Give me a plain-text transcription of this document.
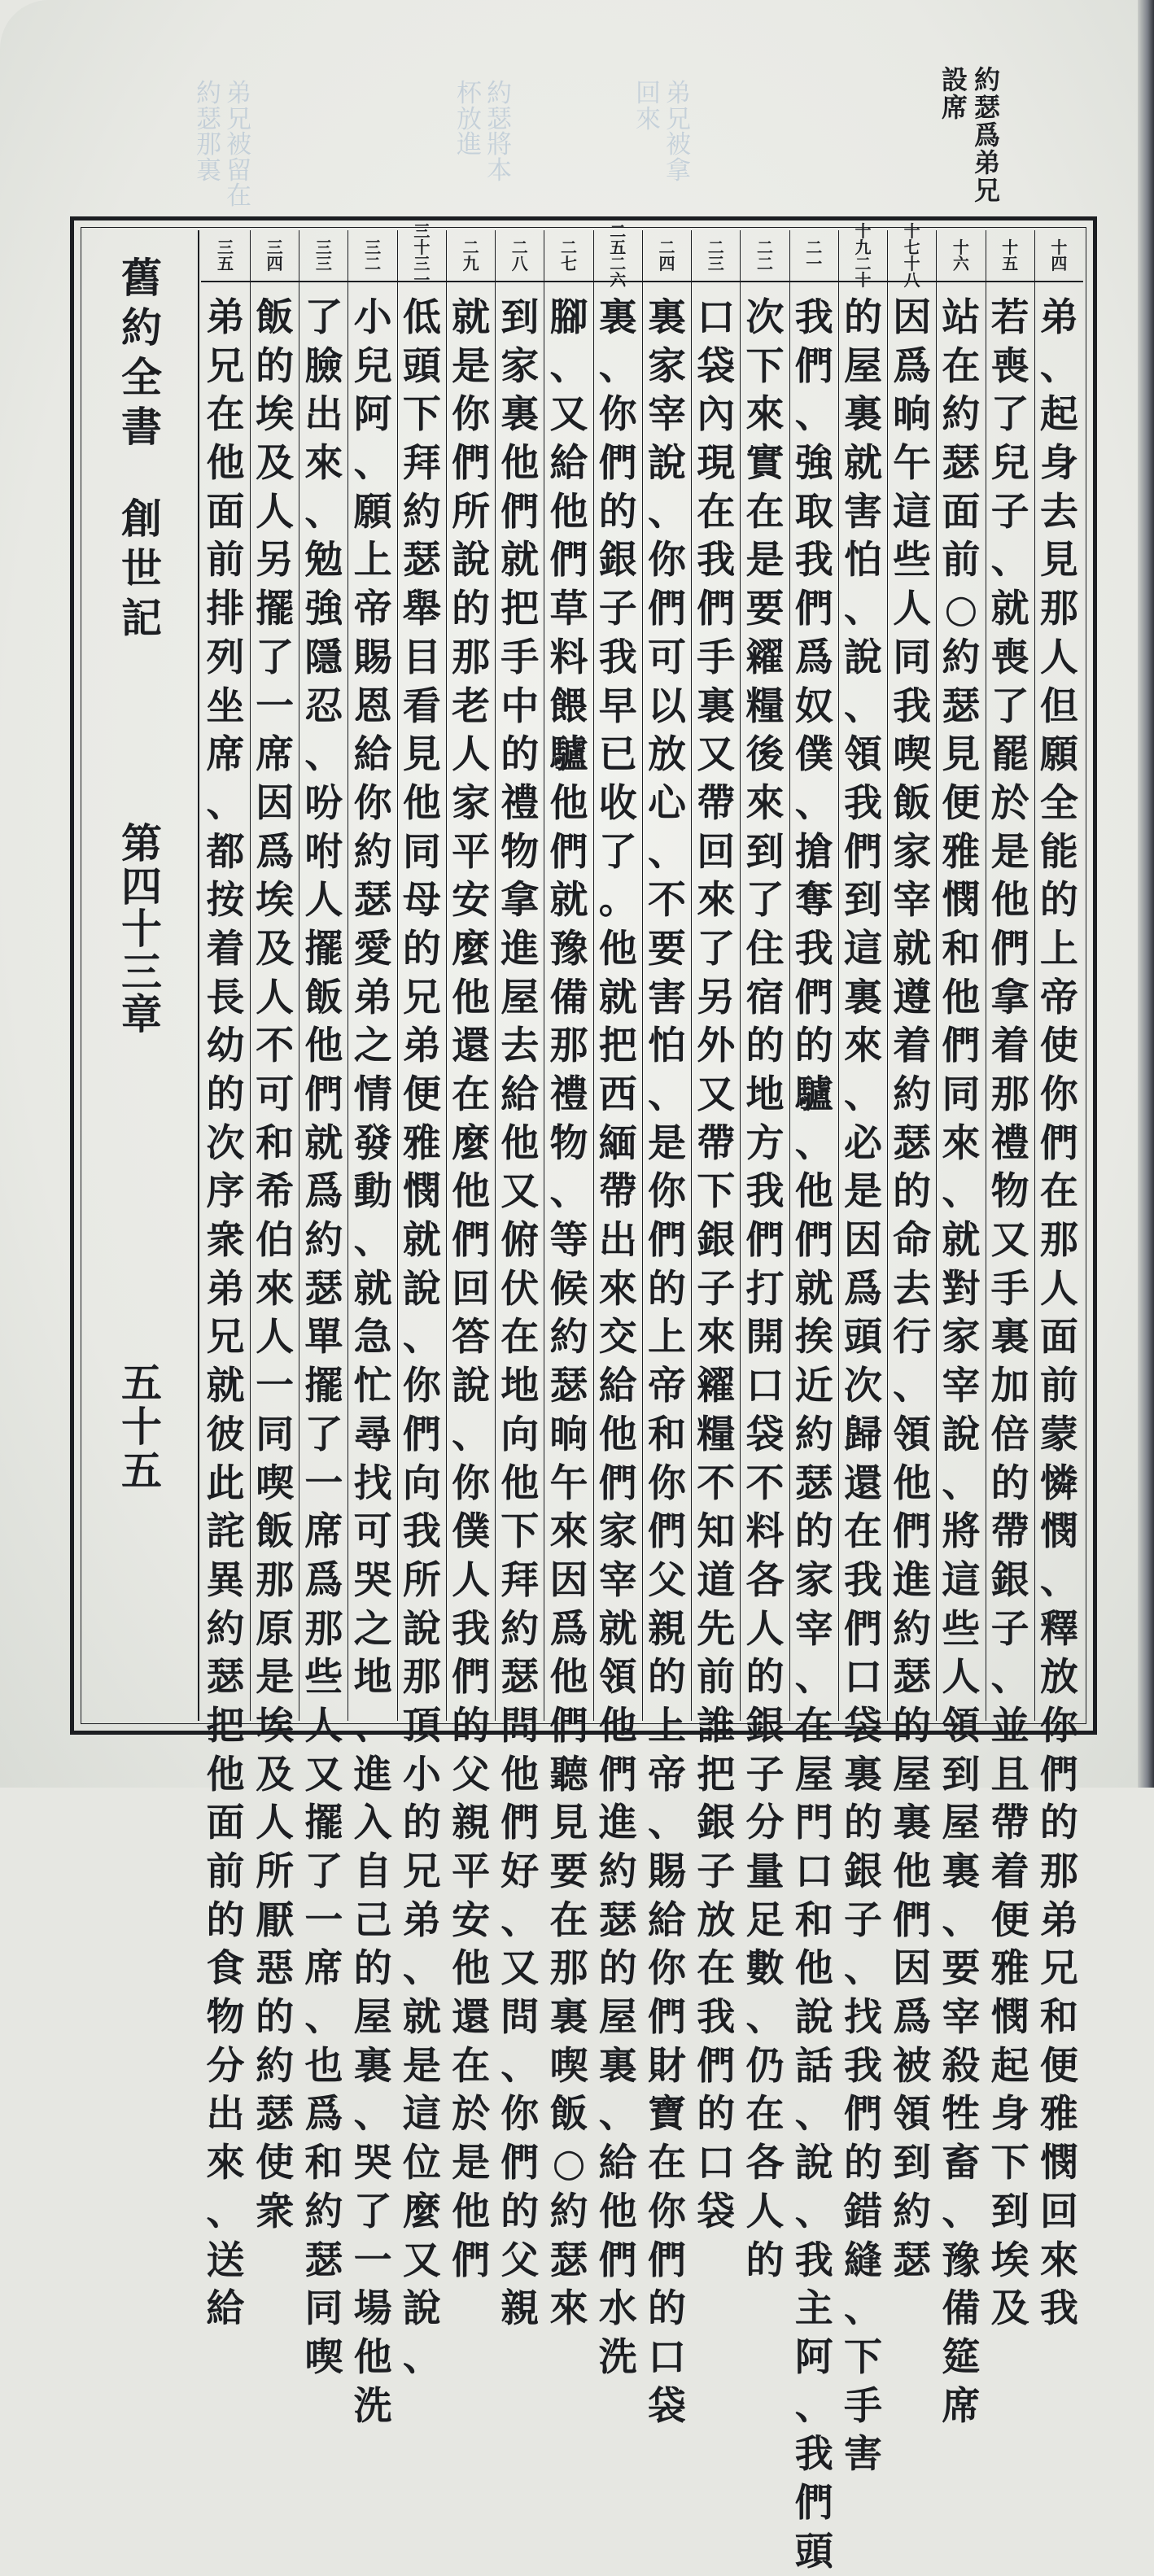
約
瑟
那
裏
弟
兄
被
留
在
杯
放
進
約
瑟
將
本
回
來
弟
兄
被
拿
約
瑟
爲
弟
兄
設
席
舊
約
全
書
創
世
記
第
四
十
三
章
五
十
五
十
四
弟
、
起
身
去
見
那
人
但
願
全
能
的
上
帝
使
你
們
在
那
人
面
前
蒙
憐
憫
、
釋
放
你
們
的
那
弟
兄
和
便
雅
憫
回
來
我
十
五
若
喪
了
兒
子
、
就
喪
了
罷
於
是
他
們
拿
着
那
禮
物
又
手
裏
加
倍
的
帶
銀
子
、
並
且
帶
着
便
雅
憫
起
身
下
到
埃
及
十
六
站
在
約
瑟
面
前
○
約
瑟
見
便
雅
憫
和
他
們
同
來
、
就
對
家
宰
說
、
將
這
些
人
領
到
屋
裏
、
要
宰
殺
牲
畜
、
豫
備
筵
席
十
七
十
八
因
爲
晌
午
這
些
人
同
我
喫
飯
家
宰
就
遵
着
約
瑟
的
命
去
行
、
領
他
們
進
約
瑟
的
屋
裏
他
們
因
爲
被
領
到
約
瑟
十
九
二
十
的
屋
裏
就
害
怕
、
說
、
領
我
們
到
這
裏
來
、
必
是
因
爲
頭
次
歸
還
在
我
們
口
袋
裏
的
銀
子
、
找
我
們
的
錯
縫
、
下
手
害
二
一
我
們
、
強
取
我
們
爲
奴
僕
、
搶
奪
我
們
的
驢
、
他
們
就
挨
近
約
瑟
的
家
宰
、
在
屋
門
口
和
他
說
話
、
說
、
我
主
阿
、
我
們
頭
二
二
次
下
來
實
在
是
要
糴
糧
後
來
到
了
住
宿
的
地
方
我
們
打
開
口
袋
不
料
各
人
的
銀
子
分
量
足
數
、
仍
在
各
人
的
二
三
口
袋
內
現
在
我
們
手
裏
又
帶
回
來
了
另
外
又
帶
下
銀
子
來
糴
糧
不
知
道
先
前
誰
把
銀
子
放
在
我
們
的
口
袋
二
四
裏
家
宰
說
、
你
們
可
以
放
心
、
不
要
害
怕
、
是
你
們
的
上
帝
和
你
們
父
親
的
上
帝
、
賜
給
你
們
財
寶
在
你
們
的
口
袋
二
五
二
六
裏
、
你
們
的
銀
子
我
早
已
收
了
。
他
就
把
西
緬
帶
出
來
交
給
他
們
家
宰
就
領
他
們
進
約
瑟
的
屋
裏
、
給
他
們
水
洗
二
七
腳
、
又
給
他
們
草
料
餵
驢
他
們
就
豫
備
那
禮
物
、
等
候
約
瑟
晌
午
來
因
爲
他
們
聽
見
要
在
那
裏
喫
飯
○
約
瑟
來
二
八
到
家
裏
他
們
就
把
手
中
的
禮
物
拿
進
屋
去
給
他
又
俯
伏
在
地
向
他
下
拜
約
瑟
問
他
們
好
、
又
問
、
你
們
的
父
親
二
九
就
是
你
們
所
說
的
那
老
人
家
平
安
麼
他
還
在
麼
他
們
回
答
說
、
你
僕
人
我
們
的
父
親
平
安
他
還
在
於
是
他
們
三
十
三
一
低
頭
下
拜
約
瑟
舉
目
看
見
他
同
母
的
兄
弟
便
雅
憫
就
說
、
你
們
向
我
所
說
那
頂
小
的
兄
弟
、
就
是
這
位
麼
又
說
、
三
二
小
兒
阿
、
願
上
帝
賜
恩
給
你
約
瑟
愛
弟
之
情
發
動
、
就
急
忙
尋
找
可
哭
之
地
、
進
入
自
己
的
屋
裏
、
哭
了
一
場
他
洗
三
三
了
臉
出
來
、
勉
強
隱
忍
、
吩
咐
人
擺
飯
他
們
就
爲
約
瑟
單
擺
了
一
席
爲
那
些
人
又
擺
了
一
席
、
也
爲
和
約
瑟
同
喫
三
四
飯
的
埃
及
人
另
擺
了
一
席
因
爲
埃
及
人
不
可
和
希
伯
來
人
一
同
喫
飯
那
原
是
埃
及
人
所
厭
惡
的
約
瑟
使
衆
三
五
弟
兄
在
他
面
前
排
列
坐
席
、
都
按
着
長
幼
的
次
序
衆
弟
兄
就
彼
此
詫
異
約
瑟
把
他
面
前
的
食
物
分
出
來
、
送
給
